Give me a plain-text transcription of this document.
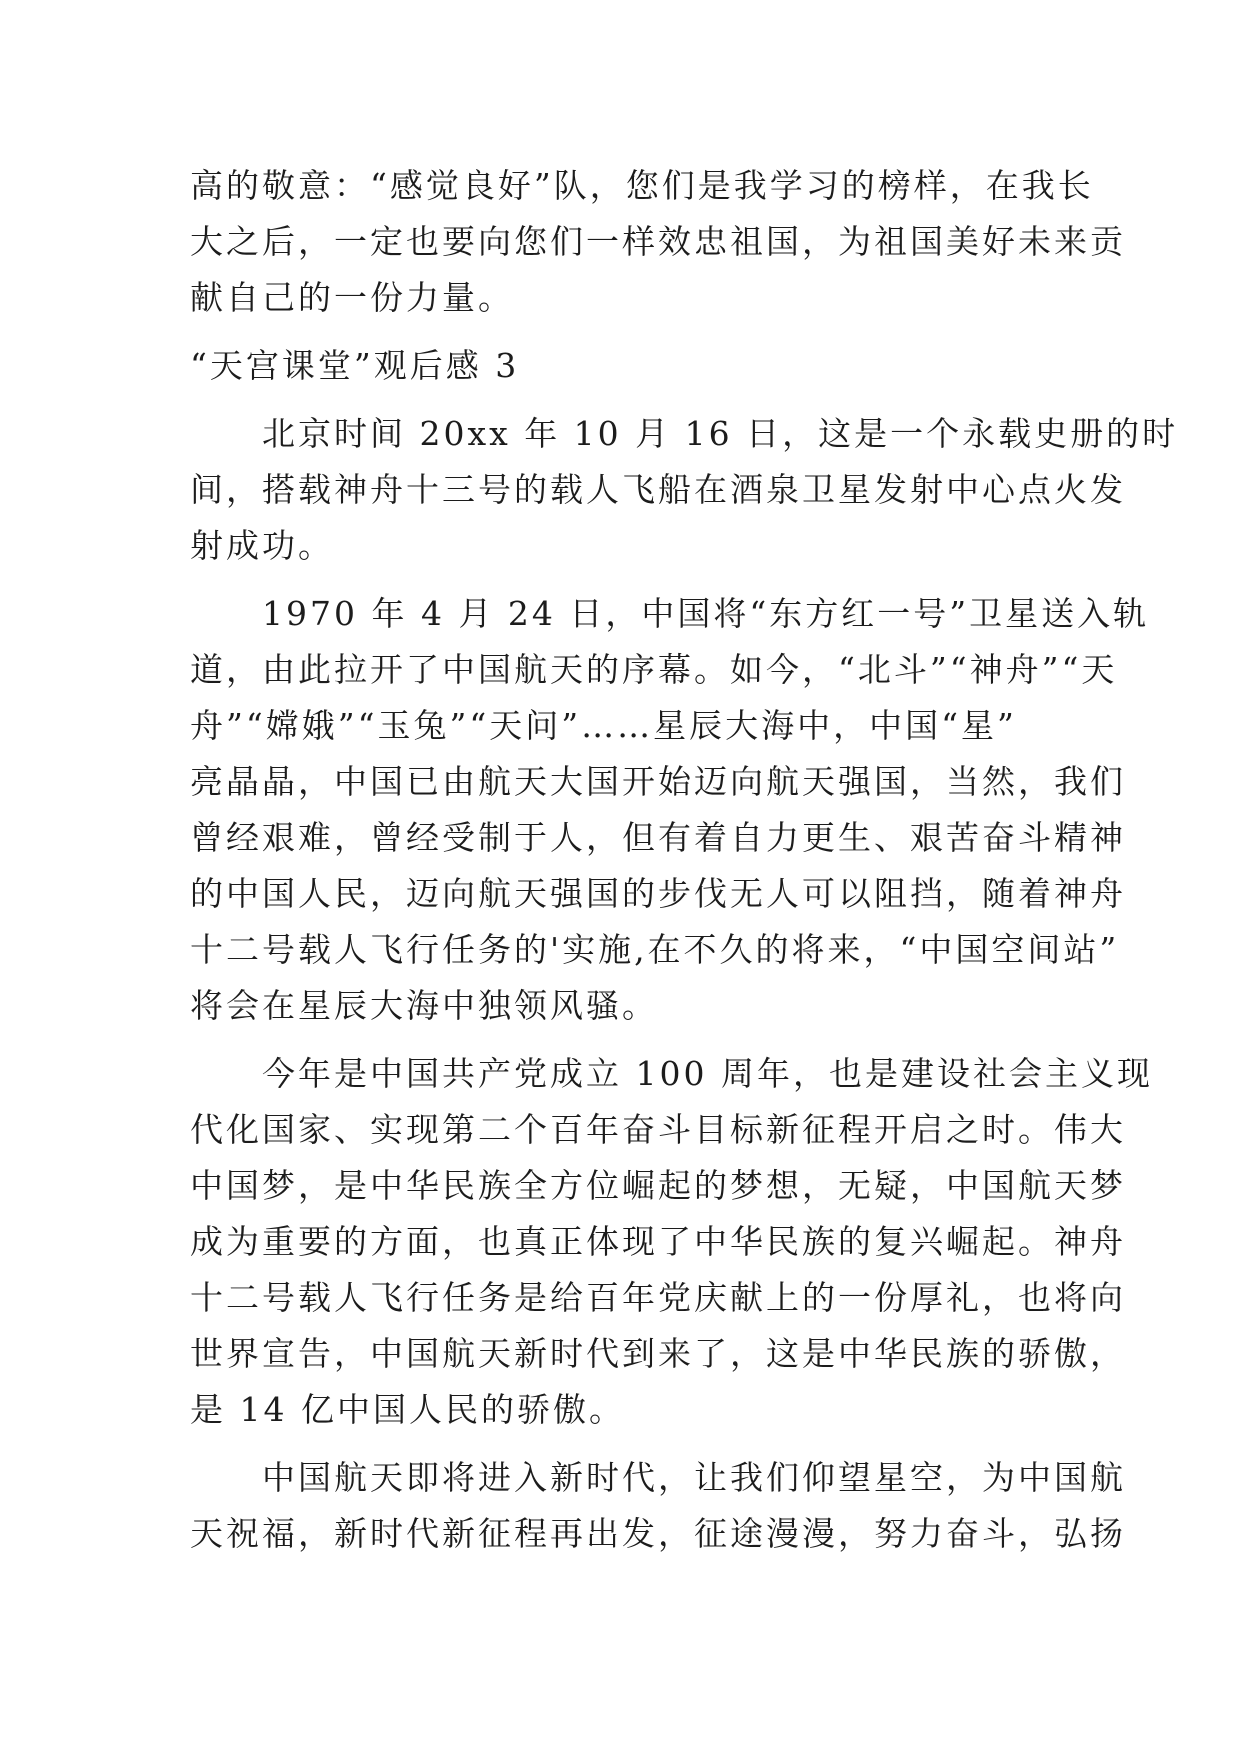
高的敬意：“感觉良好”队，您们是我学习的榜样，在我长
大之后，一定也要向您们一样效忠祖国，为祖国美好未来贡
献自己的一份力量。
“天宫课堂”观后感 3
　　北京时间 20xx 年 10 月 16 日，这是一个永载史册的时
间，搭载神舟十三号的载人飞船在酒泉卫星发射中心点火发
射成功。
　　1970 年 4 月 24 日，中国将“东方红一号”卫星送入轨
道，由此拉开了中国航天的序幕。如今，“北斗”“神舟”“天
舟”“嫦娥”“玉兔”“天问”……星辰大海中，中国“星”
亮晶晶，中国已由航天大国开始迈向航天强国，当然，我们
曾经艰难，曾经受制于人，但有着自力更生、艰苦奋斗精神
的中国人民，迈向航天强国的步伐无人可以阻挡，随着神舟
十二号载人飞行任务的'实施,在不久的将来，“中国空间站”
将会在星辰大海中独领风骚。
　　今年是中国共产党成立 100 周年，也是建设社会主义现
代化国家、实现第二个百年奋斗目标新征程开启之时。伟大
中国梦，是中华民族全方位崛起的梦想，无疑，中国航天梦
成为重要的方面，也真正体现了中华民族的复兴崛起。神舟
十二号载人飞行任务是给百年党庆献上的一份厚礼，也将向
世界宣告，中国航天新时代到来了，这是中华民族的骄傲，
是 14 亿中国人民的骄傲。
　　中国航天即将进入新时代，让我们仰望星空，为中国航
天祝福，新时代新征程再出发，征途漫漫，努力奋斗，弘扬
